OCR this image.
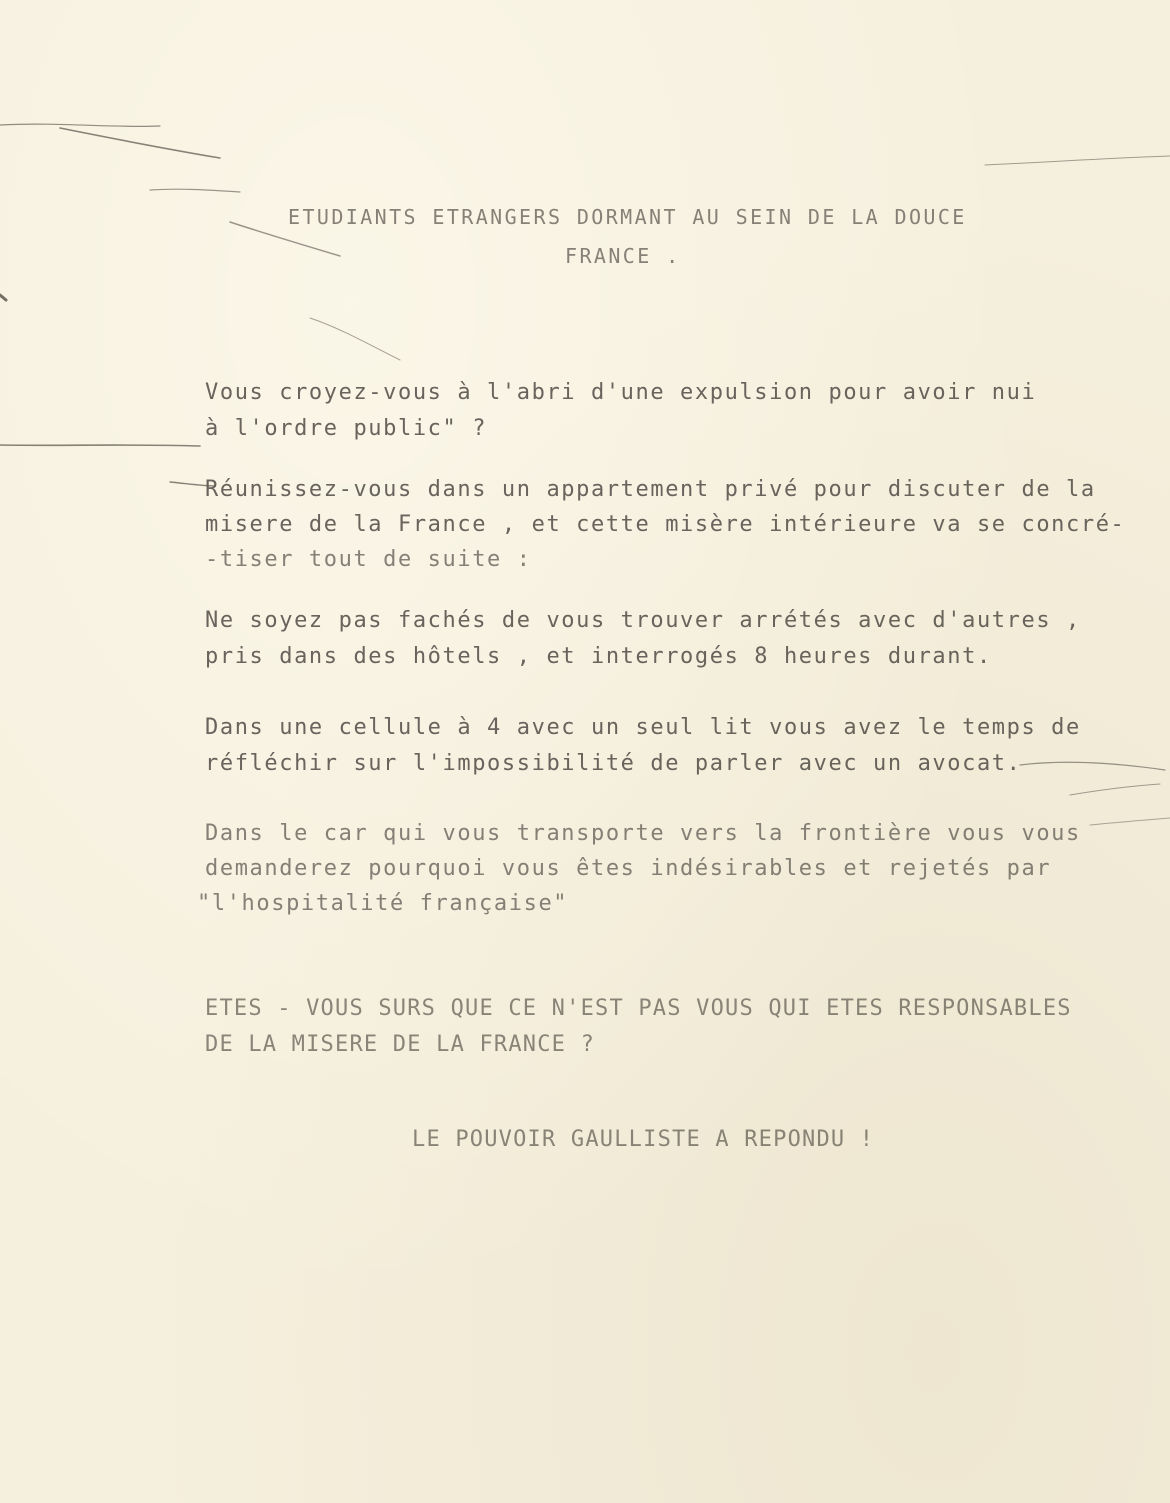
ETUDIANTS ETRANGERS DORMANT AU SEIN DE LA DOUCE
FRANCE .
Vous croyez-vous à l'abri d'une expulsion pour avoir nui
à l'ordre public" ?
Réunissez-vous dans un appartement privé pour discuter de la
misere de la France , et cette misère intérieure va se concré-
-tiser tout de suite :
Ne soyez pas fachés de vous trouver arrétés avec d'autres ,
pris dans des hôtels , et interrogés 8 heures durant.
Dans une cellule à 4 avec un seul lit vous avez le temps de
réfléchir sur l'impossibilité de parler avec un avocat.
Dans le car qui vous transporte vers la frontière vous vous
demanderez pourquoi vous êtes indésirables et rejetés par
"l'hospitalité française"
ETES - VOUS SURS QUE CE N'EST PAS VOUS QUI ETES RESPONSABLES
DE LA MISERE DE LA FRANCE ?
LE POUVOIR GAULLISTE A REPONDU !
